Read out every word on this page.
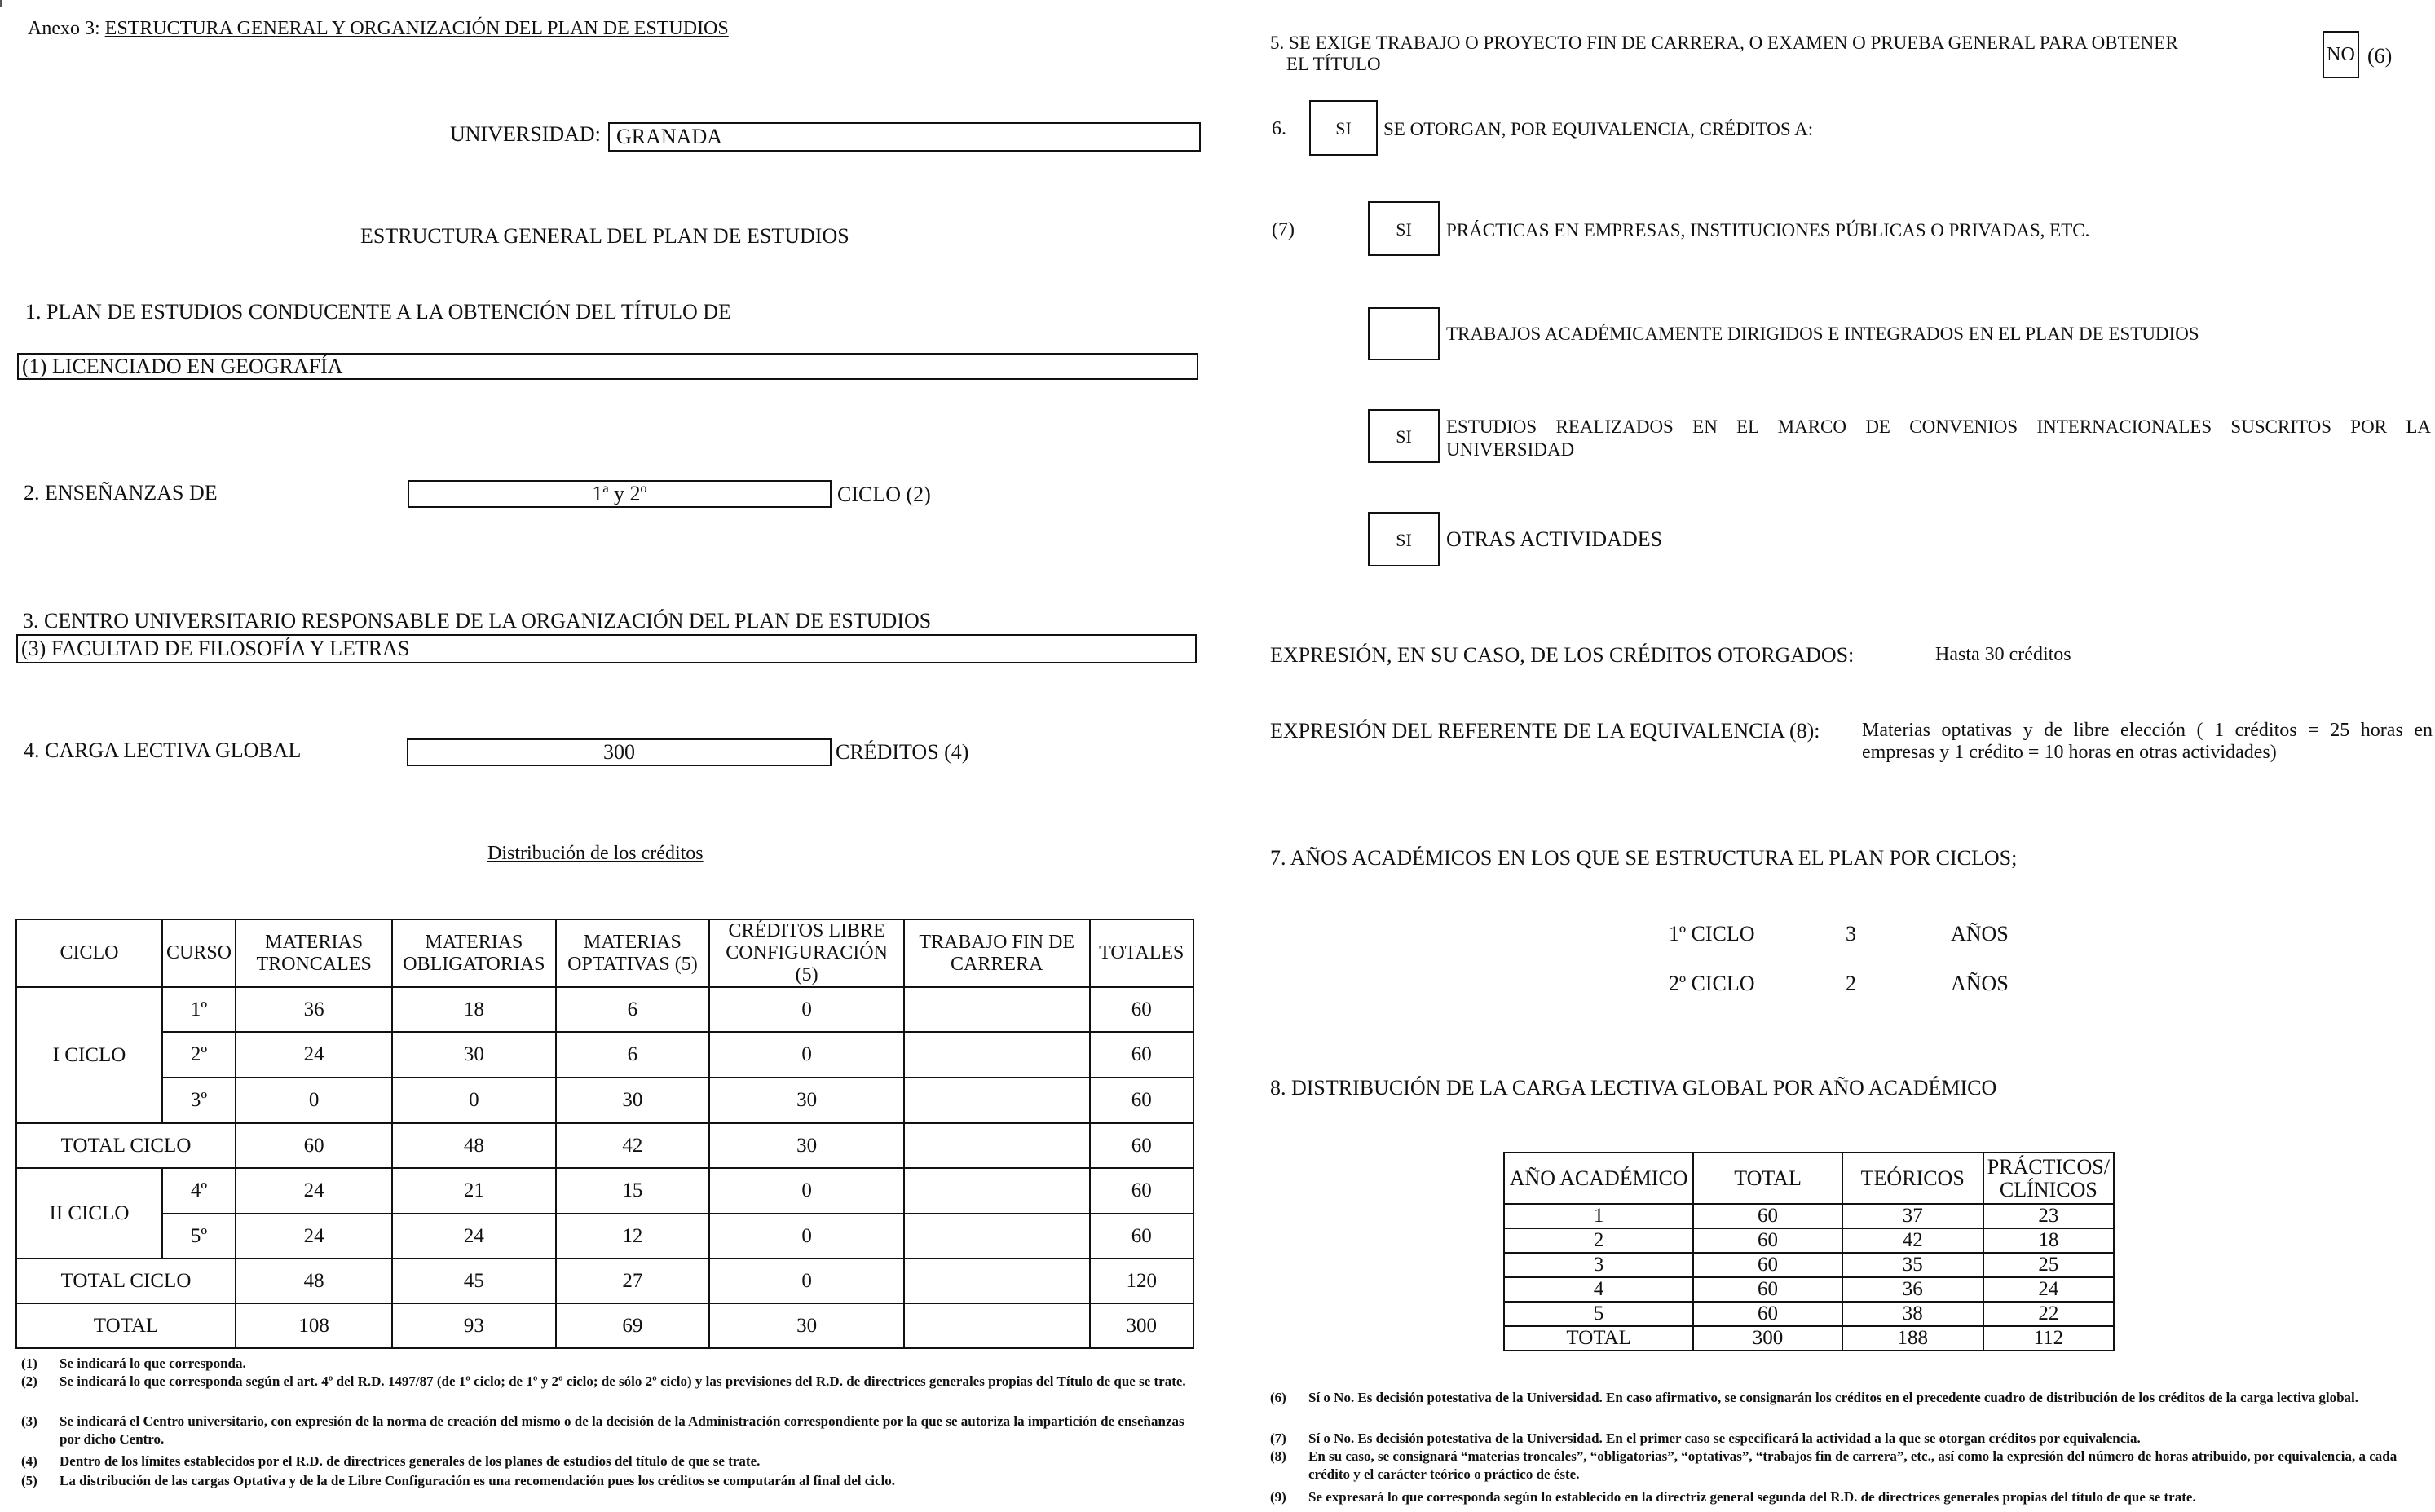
Anexo 3: ESTRUCTURA GENERAL Y ORGANIZACIÓN DEL PLAN DE ESTUDIOS
UNIVERSIDAD: GRANADA
ESTRUCTURA GENERAL DEL PLAN DE ESTUDIOS
1. PLAN DE ESTUDIOS CONDUCENTE A LA OBTENCIÓN DEL TÍTULO DE
(1) LICENCIADO EN GEOGRAFÍA
2. ENSEÑANZAS DE	1ª y 2º	CICLO (2)
3. CENTRO UNIVERSITARIO RESPONSABLE DE LA ORGANIZACIÓN DEL PLAN DE ESTUDIOS
(3) FACULTAD DE FILOSOFÍA Y LETRAS
4. CARGA LECTIVA GLOBAL	300	CRÉDITOS (4)
Distribución de los créditos
CICLO	CURSO	MATERIAS TRONCALES	MATERIAS OBLIGATORIAS	MATERIAS OPTATIVAS (5)	CRÉDITOS LIBRE CONFIGURACIÓN (5)	TRABAJO FIN DE CARRERA	TOTALES
I CICLO	1º	36	18	6	0		60
	2º	24	30	6	0		60
	3º	0	0	30	30		60
TOTAL CICLO		60	48	42	30		60
II CICLO	4º	24	21	15	0		60
	5º	24	24	12	0		60
TOTAL CICLO		48	45	27	0		120
TOTAL		108	93	69	30		300
(1) Se indicará lo que corresponda.
(2) Se indicará lo que corresponda según el art. 4º del R.D. 1497/87 (de 1º ciclo; de 1º y 2º ciclo; de sólo 2º ciclo) y las previsiones del R.D. de directrices generales propias del Título de que se trate.
(3) Se indicará el Centro universitario, con expresión de la norma de creación del mismo o de la decisión de la Administración correspondiente por la que se autoriza la impartición de enseñanzas por dicho Centro.
(4) Dentro de los límites establecidos por el R.D. de directrices generales de los planes de estudios del título de que se trate.
(5) La distribución de las cargas Optativa y de la de Libre Configuración es una recomendación pues los créditos se computarán al final del ciclo.
5. SE EXIGE TRABAJO O PROYECTO FIN DE CARRERA, O EXAMEN O PRUEBA GENERAL PARA OBTENER
EL TÍTULO	NO (6)
6.	SI	SE OTORGAN, POR EQUIVALENCIA, CRÉDITOS A:
(7)	SI	PRÁCTICAS EN EMPRESAS, INSTITUCIONES PÚBLICAS O PRIVADAS, ETC.
TRABAJOS ACADÉMICAMENTE DIRIGIDOS E INTEGRADOS EN EL PLAN DE ESTUDIOS
SI	ESTUDIOS REALIZADOS EN EL MARCO DE CONVENIOS INTERNACIONALES SUSCRITOS POR LA
UNIVERSIDAD
SI	OTRAS ACTIVIDADES
EXPRESIÓN, EN SU CASO, DE LOS CRÉDITOS OTORGADOS:	Hasta 30 créditos
EXPRESIÓN DEL REFERENTE DE LA EQUIVALENCIA (8): Materias optativas y de libre elección ( 1 créditos = 25 horas en
empresas y 1 crédito = 10 horas en otras actividades)
7. AÑOS ACADÉMICOS EN LOS QUE SE ESTRUCTURA EL PLAN POR CICLOS;
1º CICLO	3	AÑOS
2º CICLO	2	AÑOS
8. DISTRIBUCIÓN DE LA CARGA LECTIVA GLOBAL POR AÑO ACADÉMICO
AÑO ACADÉMICO	TOTAL	TEÓRICOS	PRÁCTICOS/ CLÍNICOS
1	60	37	23
2	60	42	18
3	60	35	25
4	60	36	24
5	60	38	22
TOTAL	300	188	112
(6) Sí o No. Es decisión potestativa de la Universidad. En caso afirmativo, se consignarán los créditos en el precedente cuadro de distribución de los créditos de la carga lectiva global.
(7) Sí o No. Es decisión potestativa de la Universidad. En el primer caso se especificará la actividad a la que se otorgan créditos por equivalencia.
(8) En su caso, se consignará “materias troncales”, “obligatorias”, “optativas”, “trabajos fin de carrera”, etc., así como la expresión del número de horas atribuido, por equivalencia, a cada crédito y el carácter teórico o práctico de éste.
(9) Se expresará lo que corresponda según lo establecido en la directriz general segunda del R.D. de directrices generales propias del título de que se trate.
